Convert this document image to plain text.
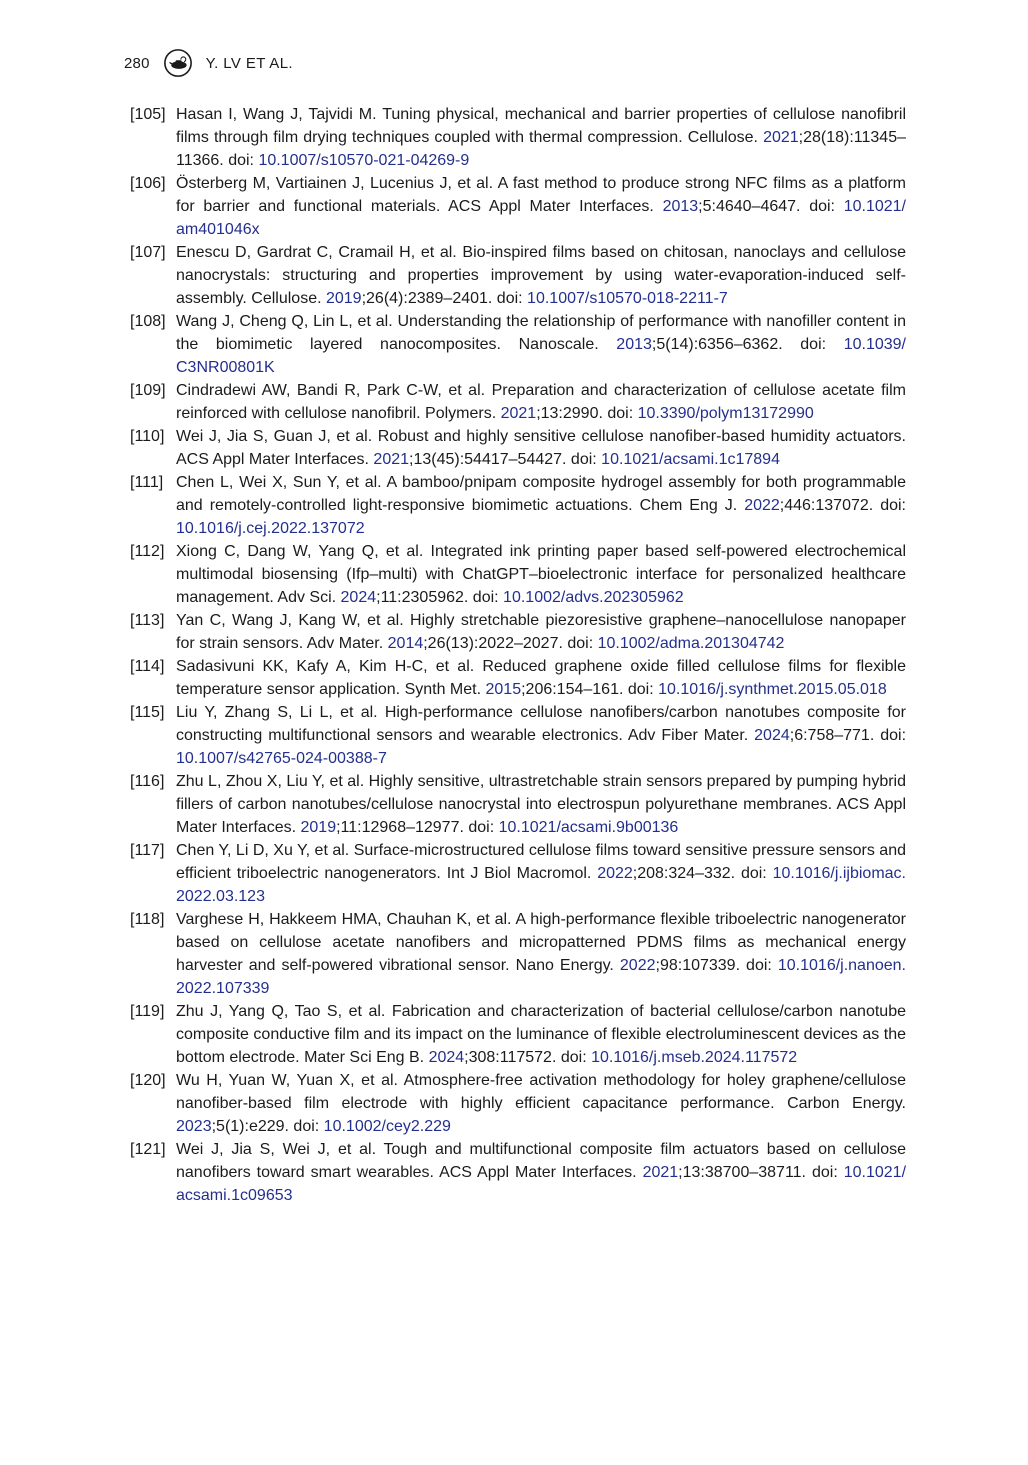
280	Y. LV ET AL.
[105] Hasan I, Wang J, Tajvidi M. Tuning physical, mechanical and barrier properties of cellulose nanofibril films through film drying techniques coupled with thermal compression. Cellulose. 2021;28(18):11345–11366. doi: 10.​1007/​s10570-021-04269-9
[106] Österberg M, Vartiainen J, Lucenius J, et al. A fast method to produce strong NFC films as a platform for barrier and functional materials. ACS Appl Mater Interfaces. 2013;5:4640–4647. doi: 10.​1021/​am401046x
[107] Enescu D, Gardrat C, Cramail H, et al. Bio-inspired films based on chitosan, nanoclays and cellulose nanocrystals: structuring and properties improvement by using water-evaporation-induced self-assembly. Cellulose. 2019;26(4):2389–2401. doi: 10.​1007/​s10570-018-2211-7
[108] Wang J, Cheng Q, Lin L, et al. Understanding the relationship of performance with nanofiller content in the biomimetic layered nanocomposites. Nanoscale. 2013;5(14):6356–6362. doi: 10.​1039/​C3NR00801K
[109] Cindradewi AW, Bandi R, Park C-W, et al. Preparation and characterization of cellulose acetate film reinforced with cellulose nanofibril. Polymers. 2021;13:2990. doi: 10.​3390/​polym13172990
[110] Wei J, Jia S, Guan J, et al. Robust and highly sensitive cellulose nanofiber-based humidity actuators. ACS Appl Mater Interfaces. 2021;13(45):54417–54427. doi: 10.​1021/​acsami.​1c17894
[111] Chen L, Wei X, Sun Y, et al. A bamboo/pnipam composite hydrogel assembly for both programmable and remotely-controlled light-responsive biomimetic actuations. Chem Eng J. 2022;446:137072. doi: 10.​1016/​j.​cej.​2022.​137072
[112] Xiong C, Dang W, Yang Q, et al. Integrated ink printing paper based self-powered electrochemical multimodal biosensing (Ifp–multi) with ChatGPT–bioelectronic interface for personalized healthcare management. Adv Sci. 2024;11:2305962. doi: 10.​1002/​advs.​202305962
[113] Yan C, Wang J, Kang W, et al. Highly stretchable piezoresistive graphene–nanocellulose nanopaper for strain sensors. Adv Mater. 2014;26(13):2022–2027. doi: 10.​1002/​adma.​201304742
[114] Sadasivuni KK, Kafy A, Kim H-C, et al. Reduced graphene oxide filled cellulose films for flexible temperature sensor application. Synth Met. 2015;206:154–161. doi: 10.​1016/​j.​synthmet.​2015.​05.​018
[115] Liu Y, Zhang S, Li L, et al. High-performance cellulose nanofibers/carbon nanotubes composite for constructing multifunctional sensors and wearable electronics. Adv Fiber Mater. 2024;6:758–771. doi: 10.​1007/​s42765-024-00388-7
[116] Zhu L, Zhou X, Liu Y, et al. Highly sensitive, ultrastretchable strain sensors prepared by pumping hybrid fillers of carbon nanotubes/cellulose nanocrystal into electrospun polyurethane membranes. ACS Appl Mater Interfaces. 2019;11:12968–12977. doi: 10.​1021/​acsami.​9b00136
[117] Chen Y, Li D, Xu Y, et al. Surface-microstructured cellulose films toward sensitive pressure sensors and efficient triboelectric nanogenerators. Int J Biol Macromol. 2022;208:324–332. doi: 10.​1016/​j.​ijbiomac.​2022.​03.​123
[118] Varghese H, Hakkeem HMA, Chauhan K, et al. A high-performance flexible triboelectric nanogenerator based on cellulose acetate nanofibers and micropatterned PDMS films as mechanical energy harvester and self-powered vibrational sensor. Nano Energy. 2022;98:107339. doi: 10.​1016/​j.​nanoen.​2022.​107339
[119] Zhu J, Yang Q, Tao S, et al. Fabrication and characterization of bacterial cellulose/carbon nanotube composite conductive film and its impact on the luminance of flexible electroluminescent devices as the bottom electrode. Mater Sci Eng B. 2024;308:117572. doi: 10.​1016/​j.​mseb.​2024.​117572
[120] Wu H, Yuan W, Yuan X, et al. Atmosphere-free activation methodology for holey graphene/cellulose nanofiber-based film electrode with highly efficient capacitance performance. Carbon Energy. 2023;5(1):e229. doi: 10.​1002/​cey2.​229
[121] Wei J, Jia S, Wei J, et al. Tough and multifunctional composite film actuators based on cellulose nanofibers toward smart wearables. ACS Appl Mater Interfaces. 2021;13:38700–38711. doi: 10.​1021/​acsami.​1c09653
